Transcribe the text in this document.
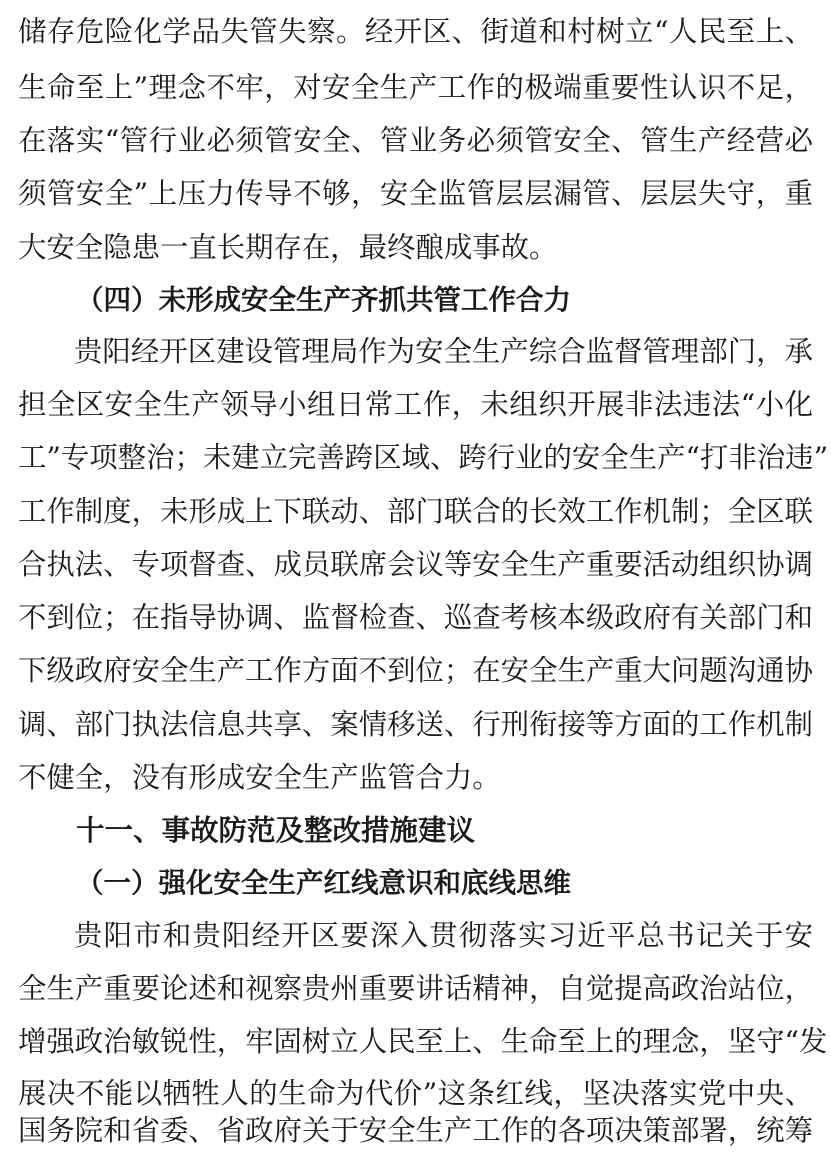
储存危险化学品失管失察。经开区、街道和村树立“人民至上、
生命至上”理念不牢，对安全生产工作的极端重要性认识不足，
在落实“管行业必须管安全、管业务必须管安全、管生产经营必
须管安全”上压力传导不够，安全监管层层漏管、层层失守，重
大安全隐患一直长期存在，最终酿成事故。
（四）未形成安全生产齐抓共管工作合力
贵阳经开区建设管理局作为安全生产综合监督管理部门，承
担全区安全生产领导小组日常工作，未组织开展非法违法“小化
工”专项整治；未建立完善跨区域、跨行业的安全生产“打非治违”
工作制度，未形成上下联动、部门联合的长效工作机制；全区联
合执法、专项督查、成员联席会议等安全生产重要活动组织协调
不到位；在指导协调、监督检查、巡查考核本级政府有关部门和
下级政府安全生产工作方面不到位；在安全生产重大问题沟通协
调、部门执法信息共享、案情移送、行刑衔接等方面的工作机制
不健全，没有形成安全生产监管合力。
十一、事故防范及整改措施建议
（一）强化安全生产红线意识和底线思维
贵阳市和贵阳经开区要深入贯彻落实习近平总书记关于安
全生产重要论述和视察贵州重要讲话精神，自觉提高政治站位，
增强政治敏锐性，牢固树立人民至上、生命至上的理念，坚守“发
展决不能以牺牲人的生命为代价”这条红线，坚决落实党中央、
国务院和省委、省政府关于安全生产工作的各项决策部署，统筹
